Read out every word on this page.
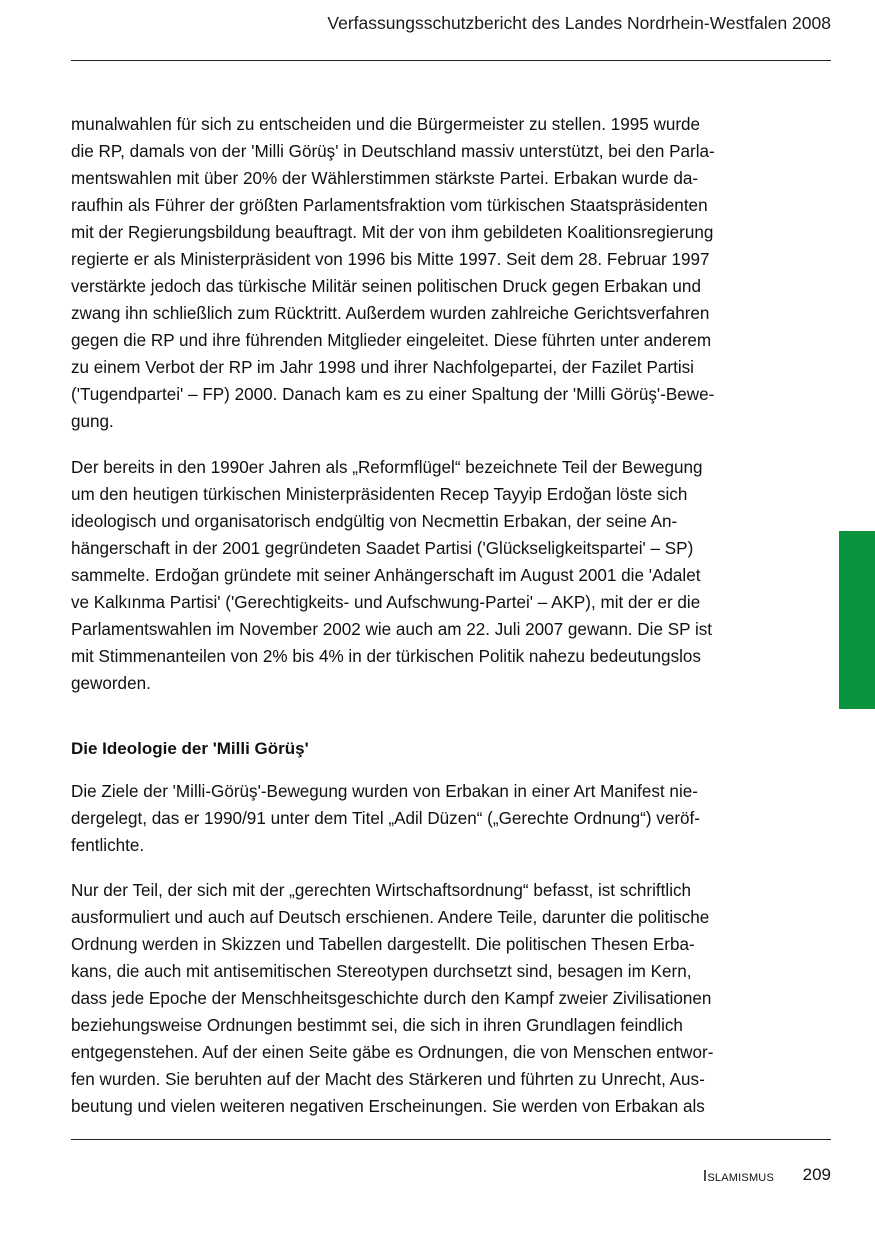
Verfassungsschutzbericht des Landes Nordrhein-Westfalen 2008
munalwahlen für sich zu entscheiden und die Bürgermeister zu stellen. 1995 wurde
die RP, damals von der 'Milli Görüş' in Deutschland massiv unterstützt, bei den Parla-
mentswahlen mit über 20% der Wählerstimmen stärkste Partei. Erbakan wurde da-
raufhin als Führer der größten Parlamentsfraktion vom türkischen Staatspräsidenten
mit der Regierungsbildung beauftragt. Mit der von ihm gebildeten Koalitionsregierung
regierte er als Ministerpräsident von 1996 bis Mitte 1997. Seit dem 28. Februar 1997
verstärkte jedoch das türkische Militär seinen politischen Druck gegen Erbakan und
zwang ihn schließlich zum Rücktritt. Außerdem wurden zahlreiche Gerichtsverfahren
gegen die RP und ihre führenden Mitglieder eingeleitet. Diese führten unter anderem
zu einem Verbot der RP im Jahr 1998 und ihrer Nachfolgepartei, der Fazilet Partisi
('Tugendpartei' – FP) 2000. Danach kam es zu einer Spaltung der 'Milli Görüş'-Bewe-
gung.
Der bereits in den 1990er Jahren als „Reformflügel“ bezeichnete Teil der Bewegung
um den heutigen türkischen Ministerpräsidenten Recep Tayyip Erdoğan löste sich
ideologisch und organisatorisch endgültig von Necmettin Erbakan, der seine An-
hängerschaft in der 2001 gegründeten Saadet Partisi ('Glückseligkeitspartei' – SP)
sammelte. Erdoğan gründete mit seiner Anhängerschaft im August 2001 die 'Adalet
ve Kalkınma Partisi' ('Gerechtigkeits- und Aufschwung-Partei' – AKP), mit der er die
Parlamentswahlen im November 2002 wie auch am 22. Juli 2007 gewann. Die SP ist
mit Stimmenanteilen von 2% bis 4% in der türkischen Politik nahezu bedeutungslos
geworden.
Die Ideologie der 'Milli Görüş'
Die Ziele der 'Milli-Görüş'-Bewegung wurden von Erbakan in einer Art Manifest nie-
dergelegt, das er 1990/91 unter dem Titel „Adil Düzen“ („Gerechte Ordnung“) veröf-
fentlichte.
Nur der Teil, der sich mit der „gerechten Wirtschaftsordnung“ befasst, ist schriftlich
ausformuliert und auch auf Deutsch erschienen. Andere Teile, darunter die politische
Ordnung werden in Skizzen und Tabellen dargestellt. Die politischen Thesen Erba-
kans, die auch mit antisemitischen Stereotypen durchsetzt sind, besagen im Kern,
dass jede Epoche der Menschheitsgeschichte durch den Kampf zweier Zivilisationen
beziehungsweise Ordnungen bestimmt sei, die sich in ihren Grundlagen feindlich
entgegenstehen. Auf der einen Seite gäbe es Ordnungen, die von Menschen entwor-
fen wurden. Sie beruhten auf der Macht des Stärkeren und führten zu Unrecht, Aus-
beutung und vielen weiteren negativen Erscheinungen. Sie werden von Erbakan als
Islamismus 209
